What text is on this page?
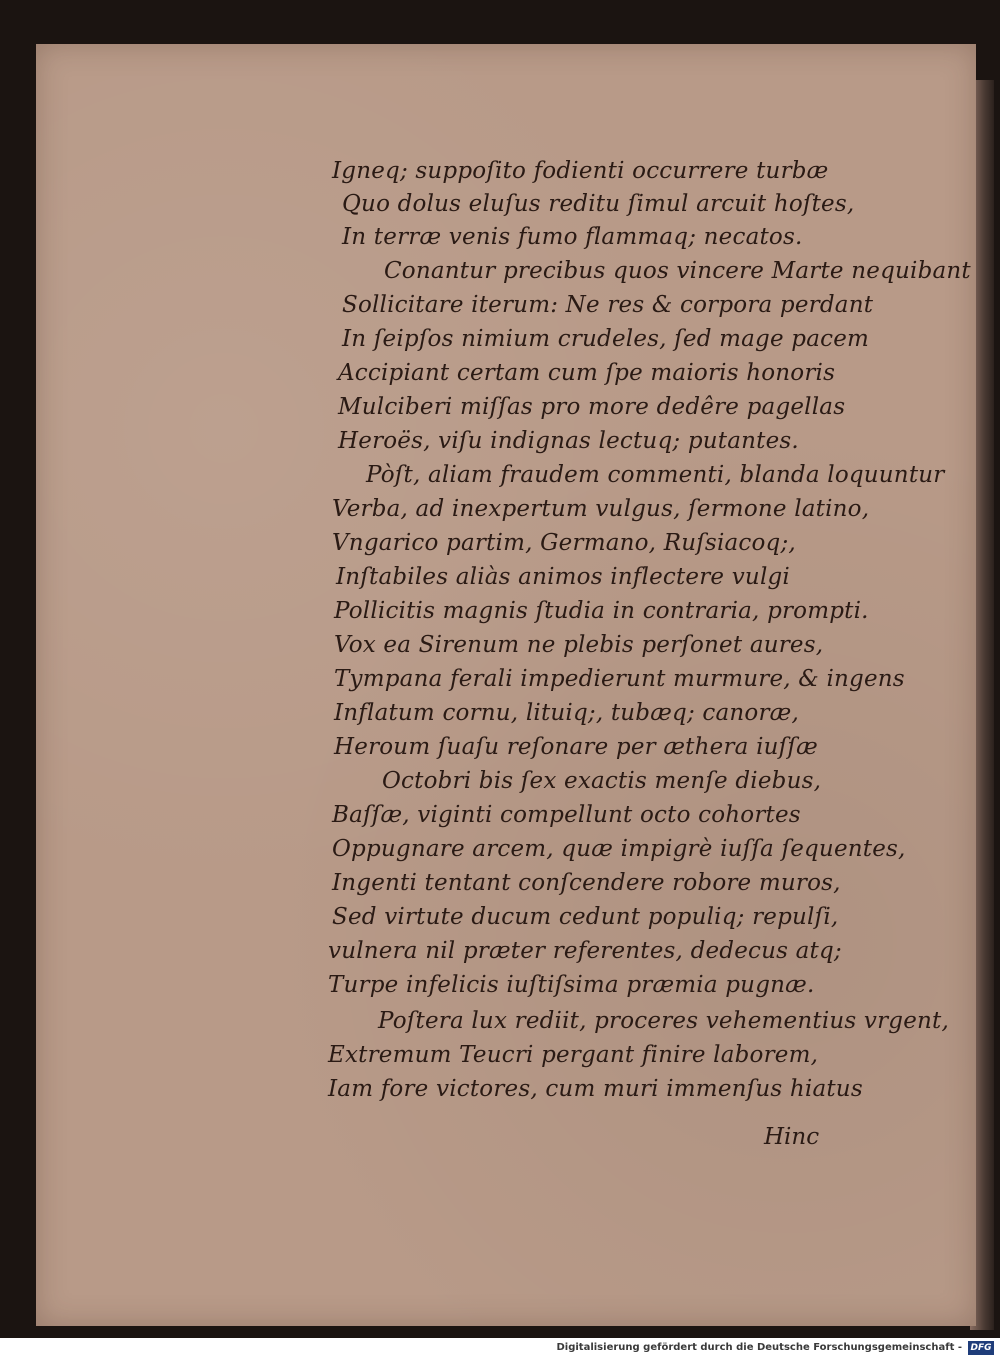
Igneq; suppoſito fodienti occurrere turbæ
Quo dolus eluſus reditu ſimul arcuit hoſtes,
In terræ venis fumo flammaq; necatos.
Conantur precibus quos vincere Marte nequibant
Sollicitare iterum: Ne res & corpora perdant
In ſeipſos nimium crudeles, ſed mage pacem
Accipiant certam cum ſpe maioris honoris
Mulciberi miſſas pro more dedêre pagellas
Heroës, viſu indignas lectuq; putantes.
Pòſt, aliam fraudem commenti, blanda loquuntur
Verba, ad inexpertum vulgus, ſermone latino,
Vngarico partim, Germano, Ruſsiacoq;,
Inſtabiles aliàs animos inflectere vulgi
Pollicitis magnis ſtudia in contraria, prompti.
Vox ea Sirenum ne plebis perſonet aures,
Tympana ferali impedierunt murmure, & ingens
Inflatum cornu, lituiq;, tubæq; canoræ,
Heroum ſuaſu reſonare per æthera iuſſæ
Octobri bis ſex exactis menſe diebus,
Baſſæ, viginti compellunt octo cohortes
Oppugnare arcem, quæ impigrè iuſſa ſequentes,
Ingenti tentant conſcendere robore muros,
Sed virtute ducum cedunt populiq; repulſi,
vulnera nil præter referentes, dedecus atq;
Turpe infelicis iuſtiſsima præmia pugnæ.
Poſtera lux rediit, proceres vehementius vrgent,
Extremum Teucri pergant finire laborem,
Iam fore victores, cum muri immenſus hiatus
Hinc
Digitalisierung gefördert durch die Deutsche Forschungsgemeinschaft - DFG
